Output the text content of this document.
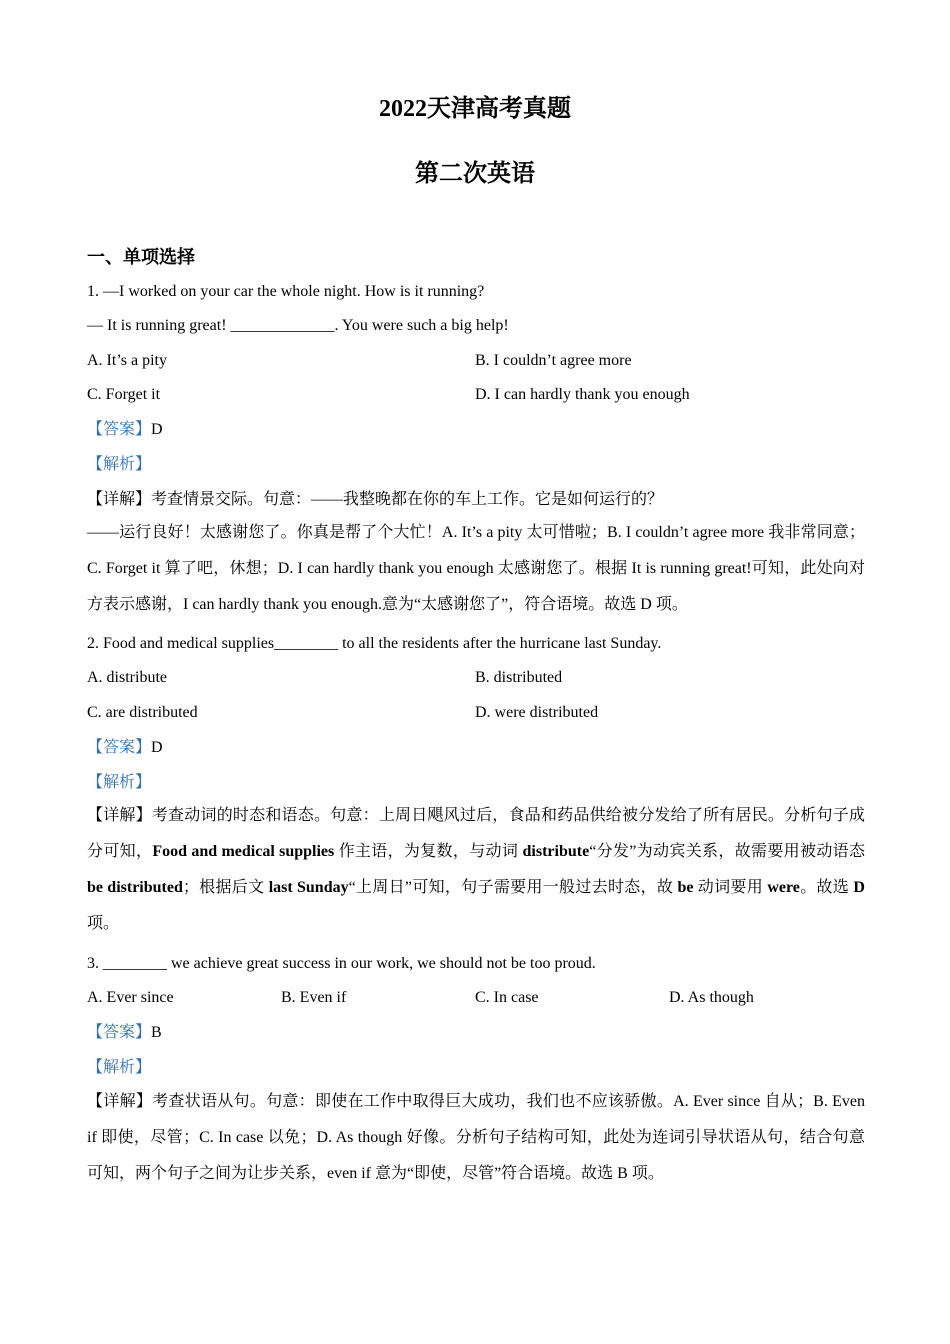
2022天津高考真题
第二次英语
一、单项选择
1. —I worked on your car the whole night. How is it running?
— It is running great! _____________. You were such a big help!
A. It’s a pity	B. I couldn’t agree more
C. Forget it	D. I can hardly thank you enough
【答案】D
【解析】
【详解】考查情景交际。句意：——我整晚都在你的车上工作。它是如何运行的？
——运行良好！太感谢您了。你真是帮了个大忙！A. It’s a pity 太可惜啦；B. I couldn’t agree more 我非常同意；C. Forget it 算了吧，休想；D. I can hardly thank you enough 太感谢您了。根据 It is running great!可知，此处向对方表示感谢，I can hardly thank you enough.意为“太感谢您了”，符合语境。故选 D 项。
2. Food and medical supplies________ to all the residents after the hurricane last Sunday.
A. distribute	B. distributed
C. are distributed	D. were distributed
【答案】D
【解析】
【详解】考查动词的时态和语态。句意：上周日飓风过后，食品和药品供给被分发给了所有居民。分析句子成分可知，Food and medical supplies 作主语，为复数，与动词 distribute“分发”为动宾关系，故需要用被动语态 be distributed；根据后文 last Sunday“上周日”可知，句子需要用一般过去时态，故 be 动词要用 were。故选 D 项。
3. ________ we achieve great success in our work, we should not be too proud.
A. Ever since	B. Even if	C. In case	D. As though
【答案】B
【解析】
【详解】考查状语从句。句意：即使在工作中取得巨大成功，我们也不应该骄傲。A. Ever since 自从；B. Even if 即使，尽管；C. In case 以免；D. As though 好像。分析句子结构可知，此处为连词引导状语从句，结合句意可知，两个句子之间为让步关系，even if 意为“即使，尽管”符合语境。故选 B 项。
